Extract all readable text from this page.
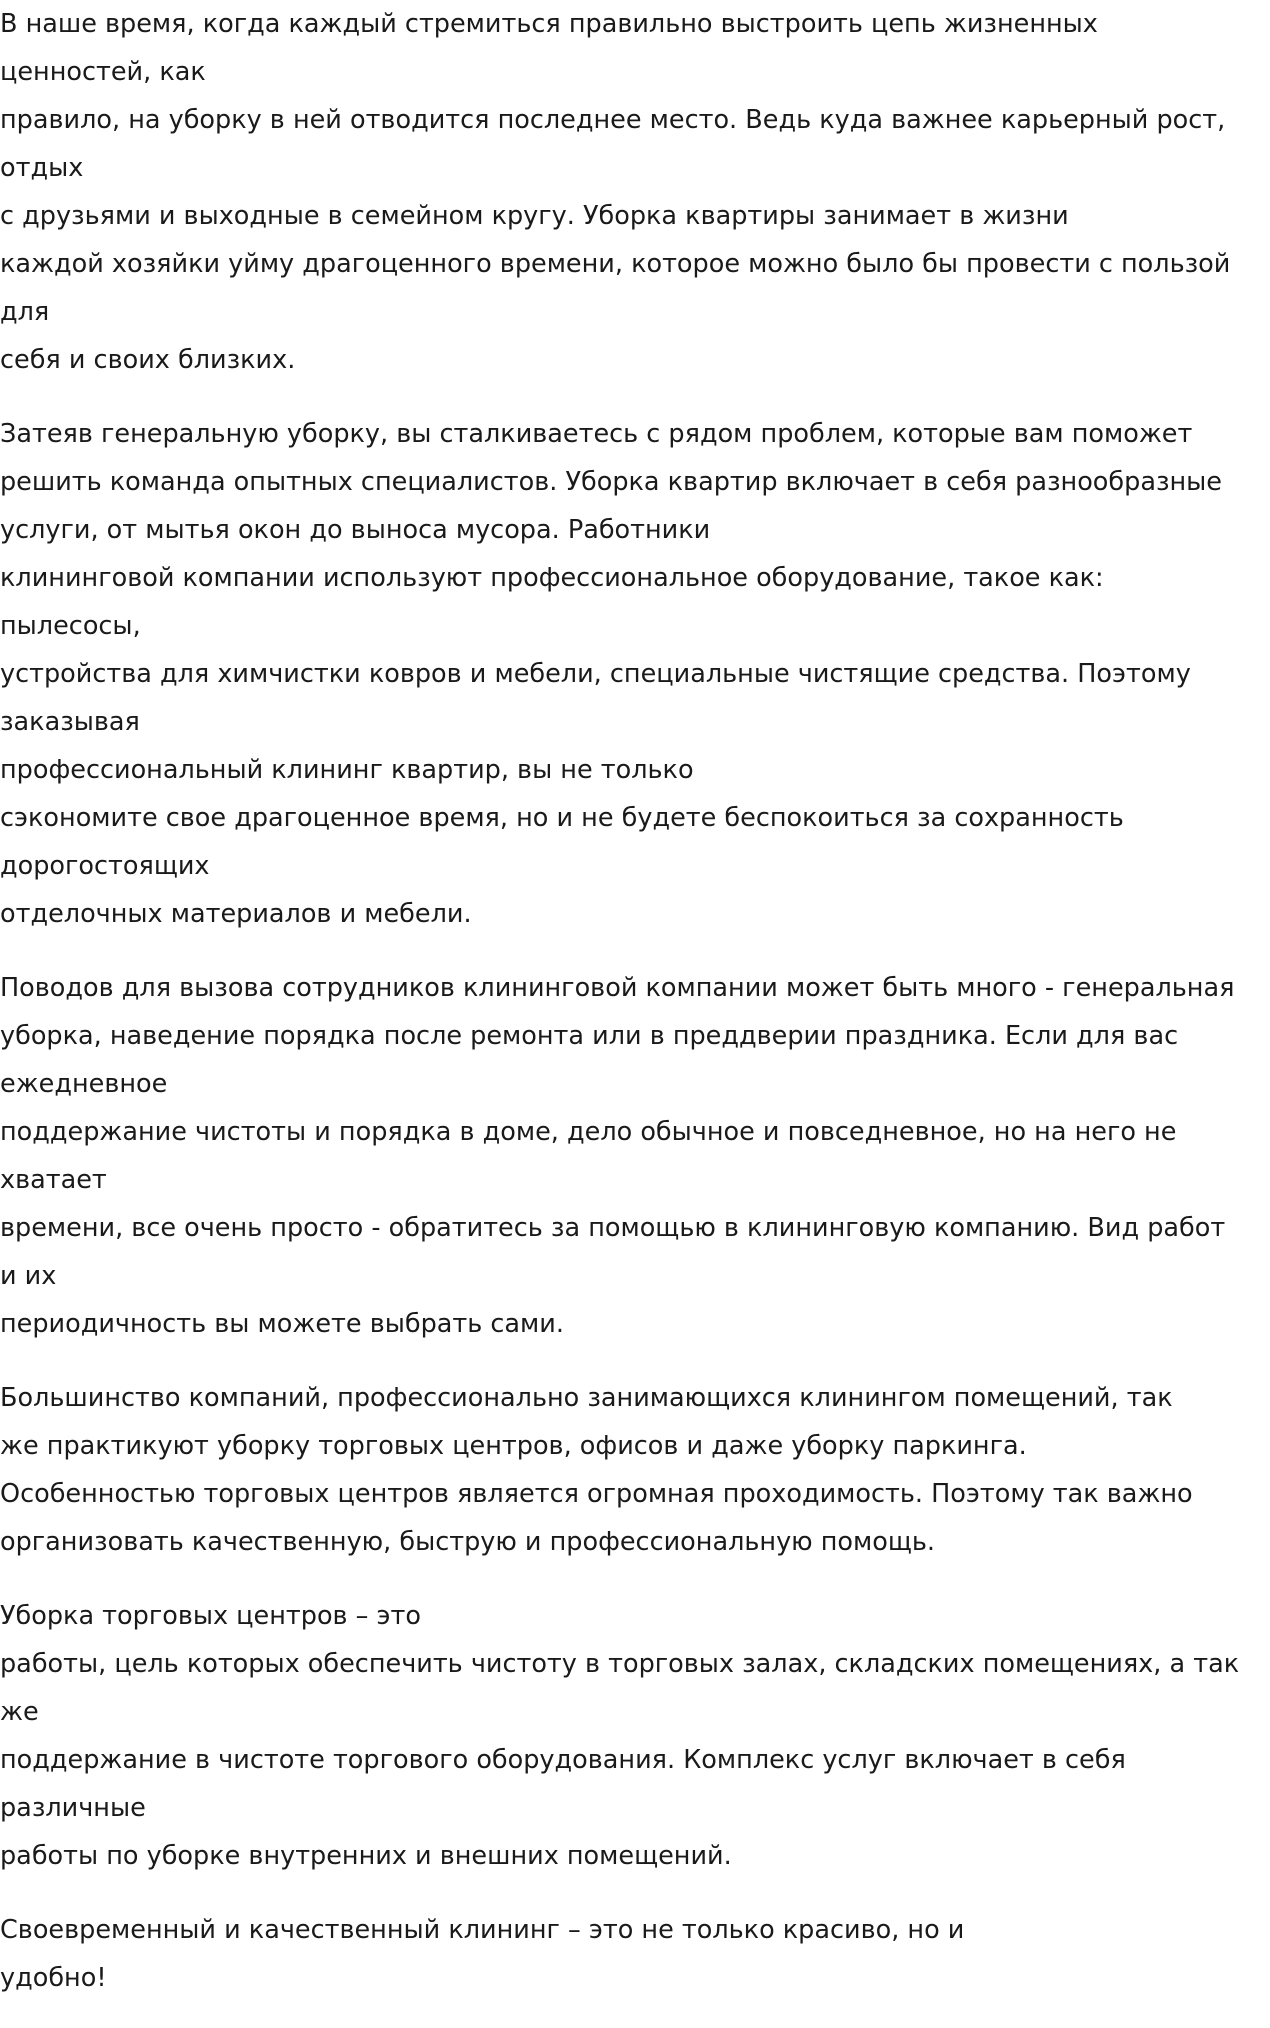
В наше время, когда каждый стремиться правильно выстроить цепь жизненных
ценностей, как
правило, на уборку в ней отводится последнее место. Ведь куда важнее карьерный рост,
отдых
с друзьями и выходные в семейном кругу. Уборка квартиры занимает в жизни
каждой хозяйки уйму драгоценного времени, которое можно было бы провести с пользой
для
себя и своих близких.

Затеяв генеральную уборку, вы сталкиваетесь с рядом проблем, которые вам поможет
решить команда опытных специалистов. Уборка квартир включает в себя разнообразные
услуги, от мытья окон до выноса мусора. Работники
клининговой компании используют профессиональное оборудование, такое как:
пылесосы,
устройства для химчистки ковров и мебели, специальные чистящие средства. Поэтому
заказывая
профессиональный клининг квартир, вы не только
сэкономите свое драгоценное время, но и не будете беспокоиться за сохранность
дорогостоящих
отделочных материалов и мебели.

Поводов для вызова сотрудников клининговой компании может быть много - генеральная
уборка, наведение порядка после ремонта или в преддверии праздника. Если для вас
ежедневное
поддержание чистоты и порядка в доме, дело обычное и повседневное, но на него не
хватает
времени, все очень просто - обратитесь за помощью в клининговую компанию. Вид работ
и их
периодичность вы можете выбрать сами.

Большинство компаний, профессионально занимающихся клинингом помещений, так
же практикуют уборку торговых центров, офисов и даже уборку паркинга.
Особенностью торговых центров является огромная проходимость. Поэтому так важно
организовать качественную, быструю и профессиональную помощь.

Уборка торговых центров – это
работы, цель которых обеспечить чистоту в торговых залах, складских помещениях, а так
же
поддержание в чистоте торгового оборудования. Комплекс услуг включает в себя
различные
работы по уборке внутренних и внешних помещений.

Своевременный и качественный клининг – это не только красиво, но и
удобно!
